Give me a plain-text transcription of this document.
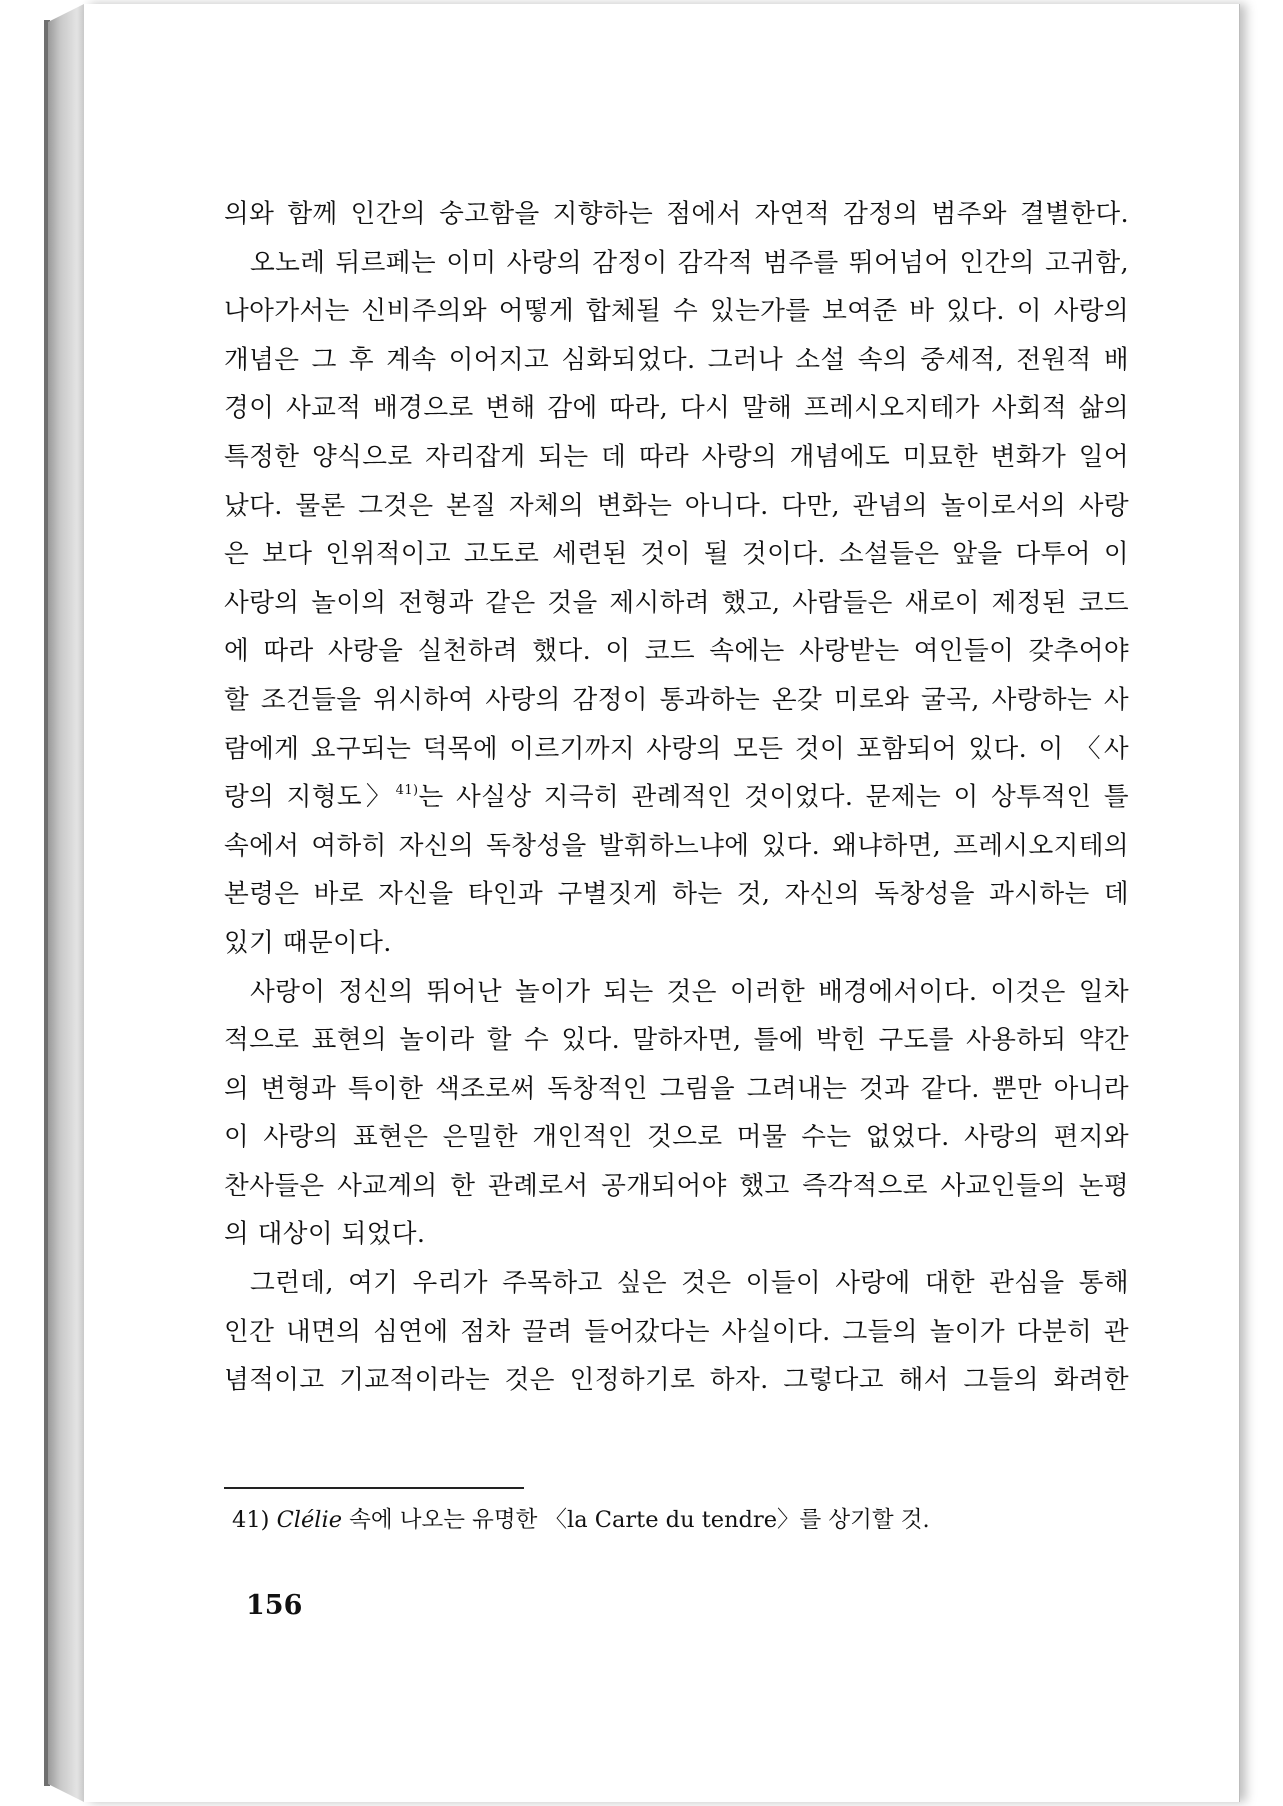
의와 함께 인간의 숭고함을 지향하는 점에서 자연적 감정의 범주와 결별한다.
오노레 뒤르페는 이미 사랑의 감정이 감각적 범주를 뛰어넘어 인간의 고귀함,
나아가서는 신비주의와 어떻게 합체될 수 있는가를 보여준 바 있다. 이 사랑의
개념은 그 후 계속 이어지고 심화되었다. 그러나 소설 속의 중세적, 전원적 배
경이 사교적 배경으로 변해 감에 따라, 다시 말해 프레시오지테가 사회적 삶의
특정한 양식으로 자리잡게 되는 데 따라 사랑의 개념에도 미묘한 변화가 일어
났다. 물론 그것은 본질 자체의 변화는 아니다. 다만, 관념의 놀이로서의 사랑
은 보다 인위적이고 고도로 세련된 것이 될 것이다. 소설들은 앞을 다투어 이
사랑의 놀이의 전형과 같은 것을 제시하려 했고, 사람들은 새로이 제정된 코드
에 따라 사랑을 실천하려 했다. 이 코드 속에는 사랑받는 여인들이 갖추어야
할 조건들을 위시하여 사랑의 감정이 통과하는 온갖 미로와 굴곡, 사랑하는 사
람에게 요구되는 덕목에 이르기까지 사랑의 모든 것이 포함되어 있다. 이 〈사
랑의 지형도〉$^{41)}$는 사실상 지극히 관례적인 것이었다. 문제는 이 상투적인 틀
속에서 여하히 자신의 독창성을 발휘하느냐에 있다. 왜냐하면, 프레시오지테의
본령은 바로 자신을 타인과 구별짓게 하는 것, 자신의 독창성을 과시하는 데
있기 때문이다.
사랑이 정신의 뛰어난 놀이가 되는 것은 이러한 배경에서이다. 이것은 일차
적으로 표현의 놀이라 할 수 있다. 말하자면, 틀에 박힌 구도를 사용하되 약간
의 변형과 특이한 색조로써 독창적인 그림을 그려내는 것과 같다. 뿐만 아니라
이 사랑의 표현은 은밀한 개인적인 것으로 머물 수는 없었다. 사랑의 편지와
찬사들은 사교계의 한 관례로서 공개되어야 했고 즉각적으로 사교인들의 논평
의 대상이 되었다.
그런데, 여기 우리가 주목하고 싶은 것은 이들이 사랑에 대한 관심을 통해
인간 내면의 심연에 점차 끌려 들어갔다는 사실이다. 그들의 놀이가 다분히 관
념적이고 기교적이라는 것은 인정하기로 하자. 그렇다고 해서 그들의 화려한
41) Clélie 속에 나오는 유명한 〈la Carte du tendre〉를 상기할 것.
156
